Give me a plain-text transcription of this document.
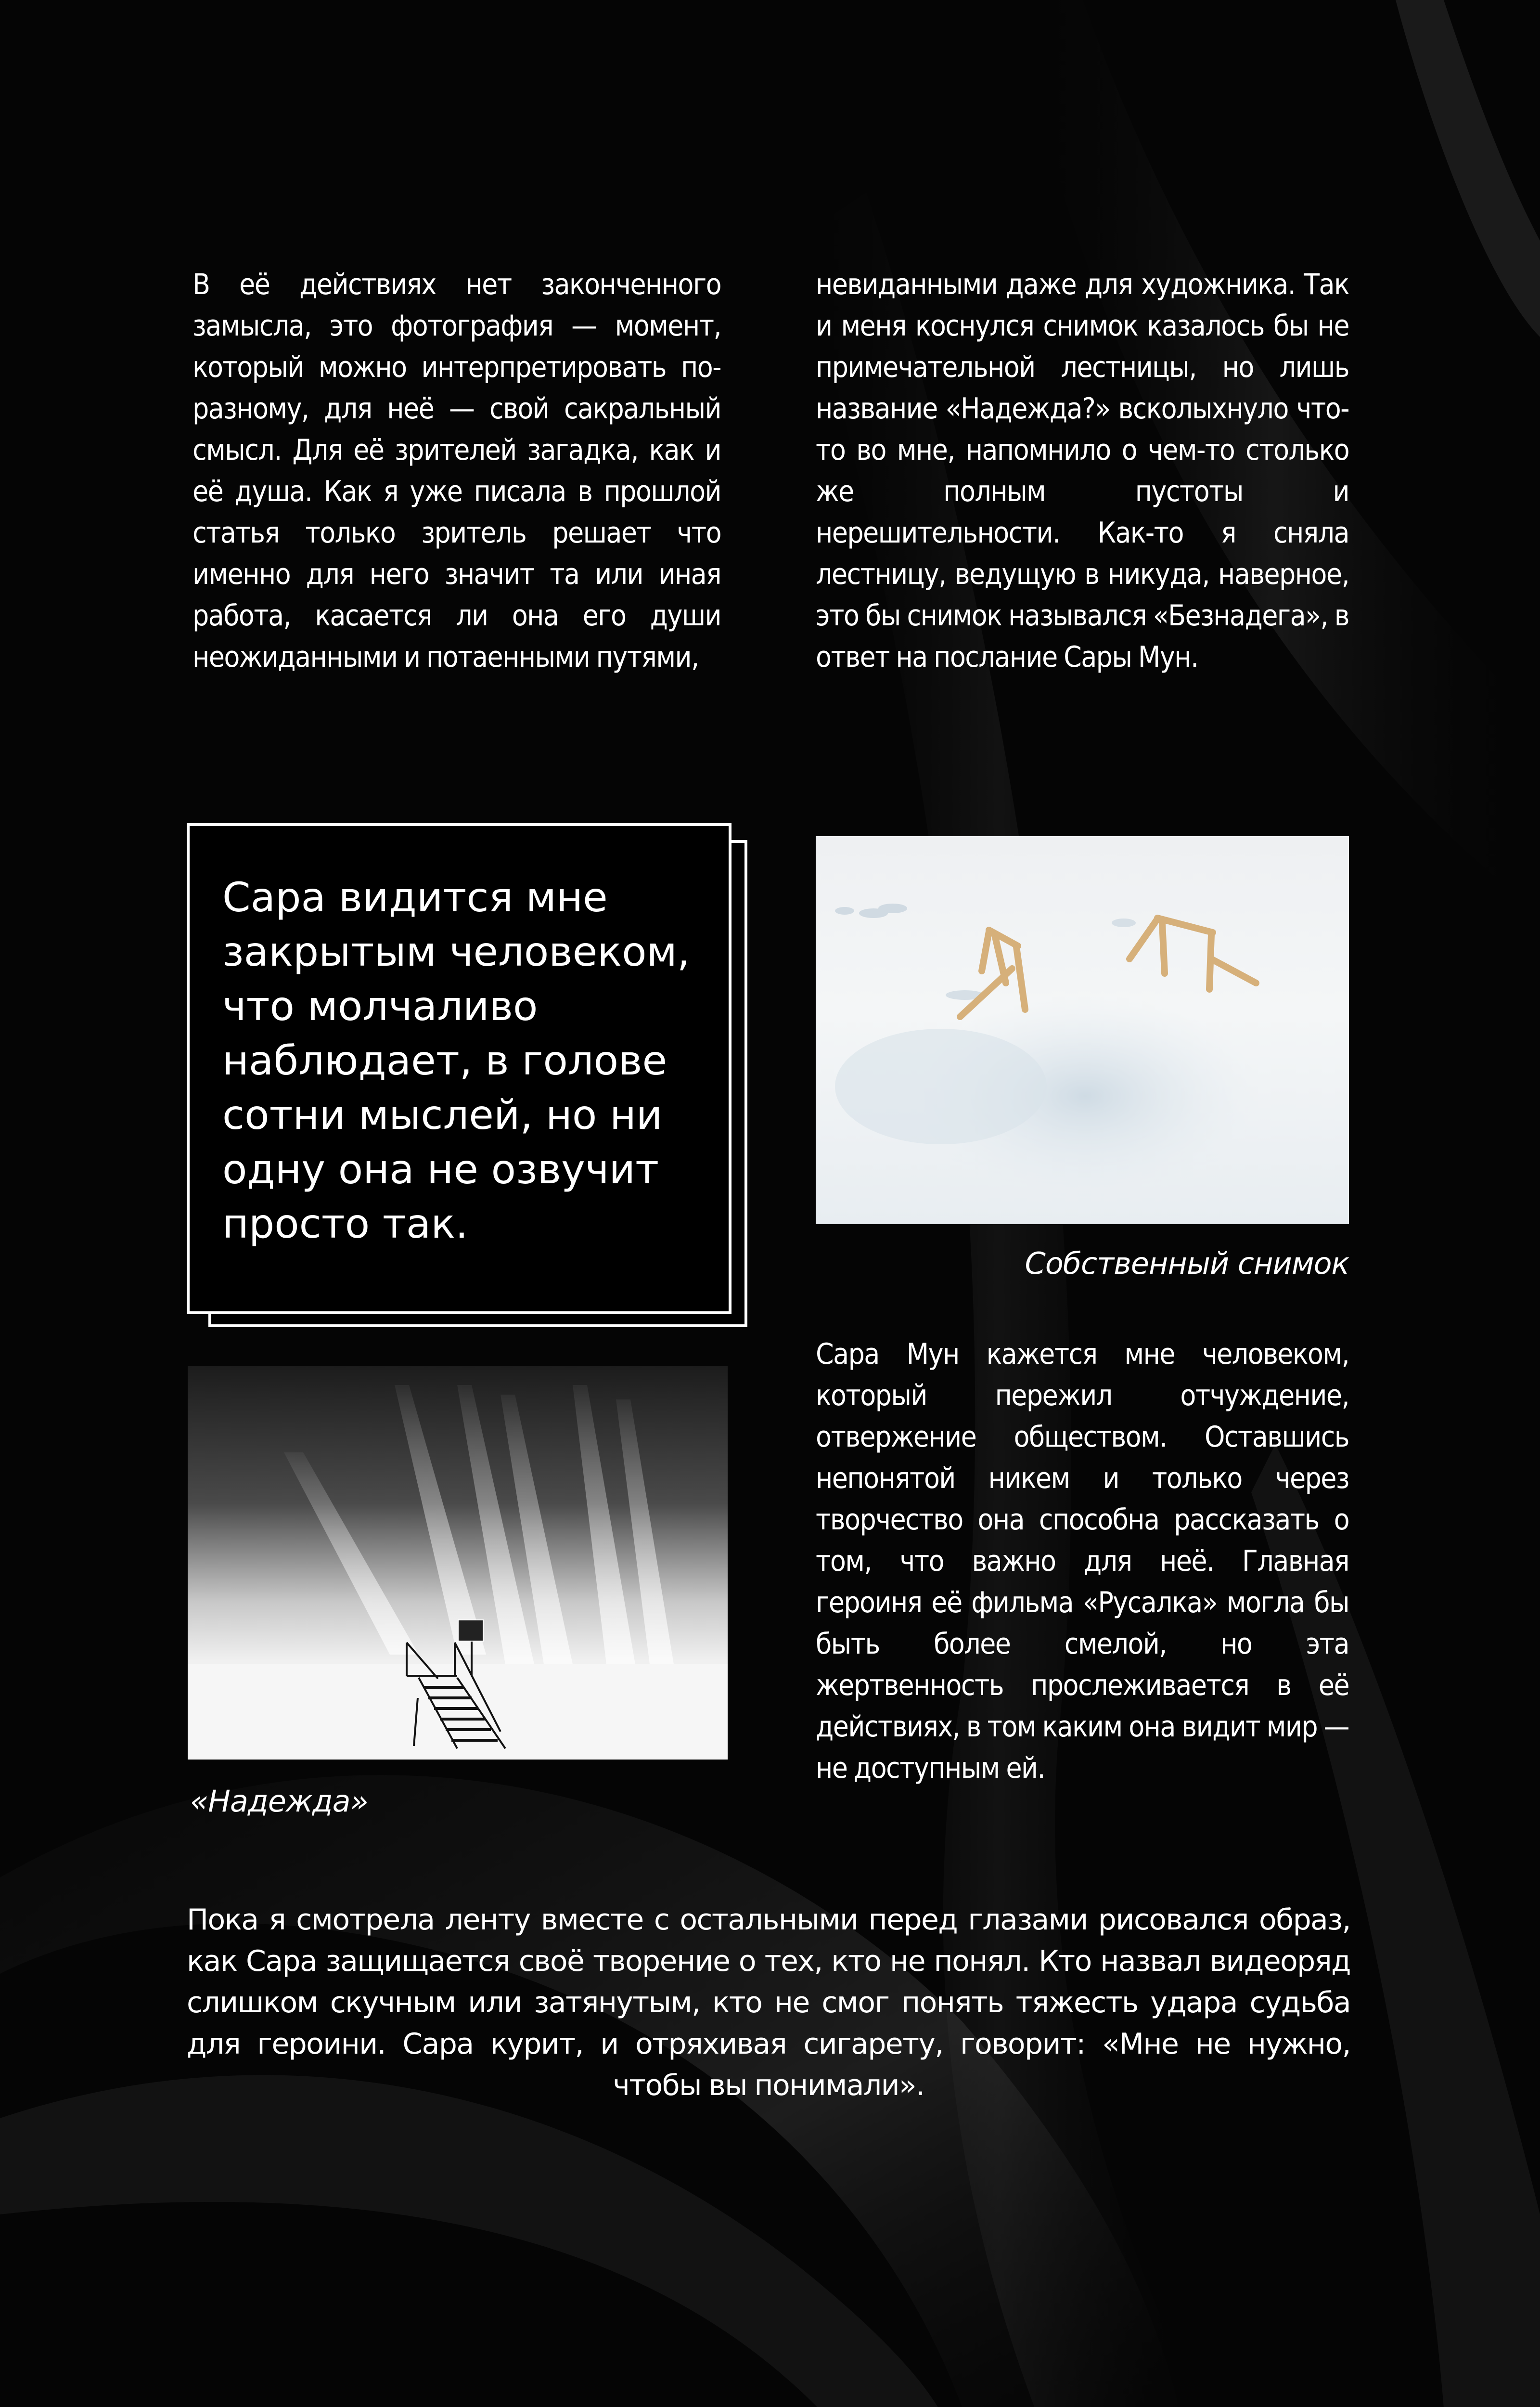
В её действиях нет законченного замысла, это фотография — момент, который можно интерпретировать по-разному, для неё — свой сакральный смысл. Для её зрителей загадка, как и её душа. Как я уже писала в прошлой статья только зритель решает что именно для него значит та или иная работа, касается ли она его души неожиданными и потаенными путями,

невиданными даже для художника. Так и меня коснулся снимок казалось бы не примечательной лестницы, но лишь название «Надежда?» всколыхнуло что-то во мне, напомнило о чем-то столько же полным пустоты и нерешительности. Как-то я сняла лестницу, ведущую в никуда, наверное, это бы снимок назывался «Безнадега», в ответ на послание Сары Мун.

Сара видится мне
закрытым человеком,
что молчаливо
наблюдает, в голове
сотни мыслей, но ни
одну она не озвучит
просто так.
Собственный снимок
«Надежда»

Сара Мун кажется мне человеком, который пережил отчуждение, отвержение обществом. Оставшись непонятой никем и только через творчество она способна рассказать о том, что важно для неё. Главная героиня её фильма «Русалка» могла бы быть более смелой, но эта жертвенность прослеживается в её действиях, в том каким она видит мир — не доступным ей.

Пока я смотрела ленту вместе с остальными перед глазами рисовался образ, как Сара защищается своё творение о тех, кто не понял. Кто назвал видеоряд слишком скучным или затянутым, кто не смог понять тяжесть удара судьба для героини. Сара курит, и отряхивая сигарету, говорит: «Мне не нужно, чтобы вы понимали».
